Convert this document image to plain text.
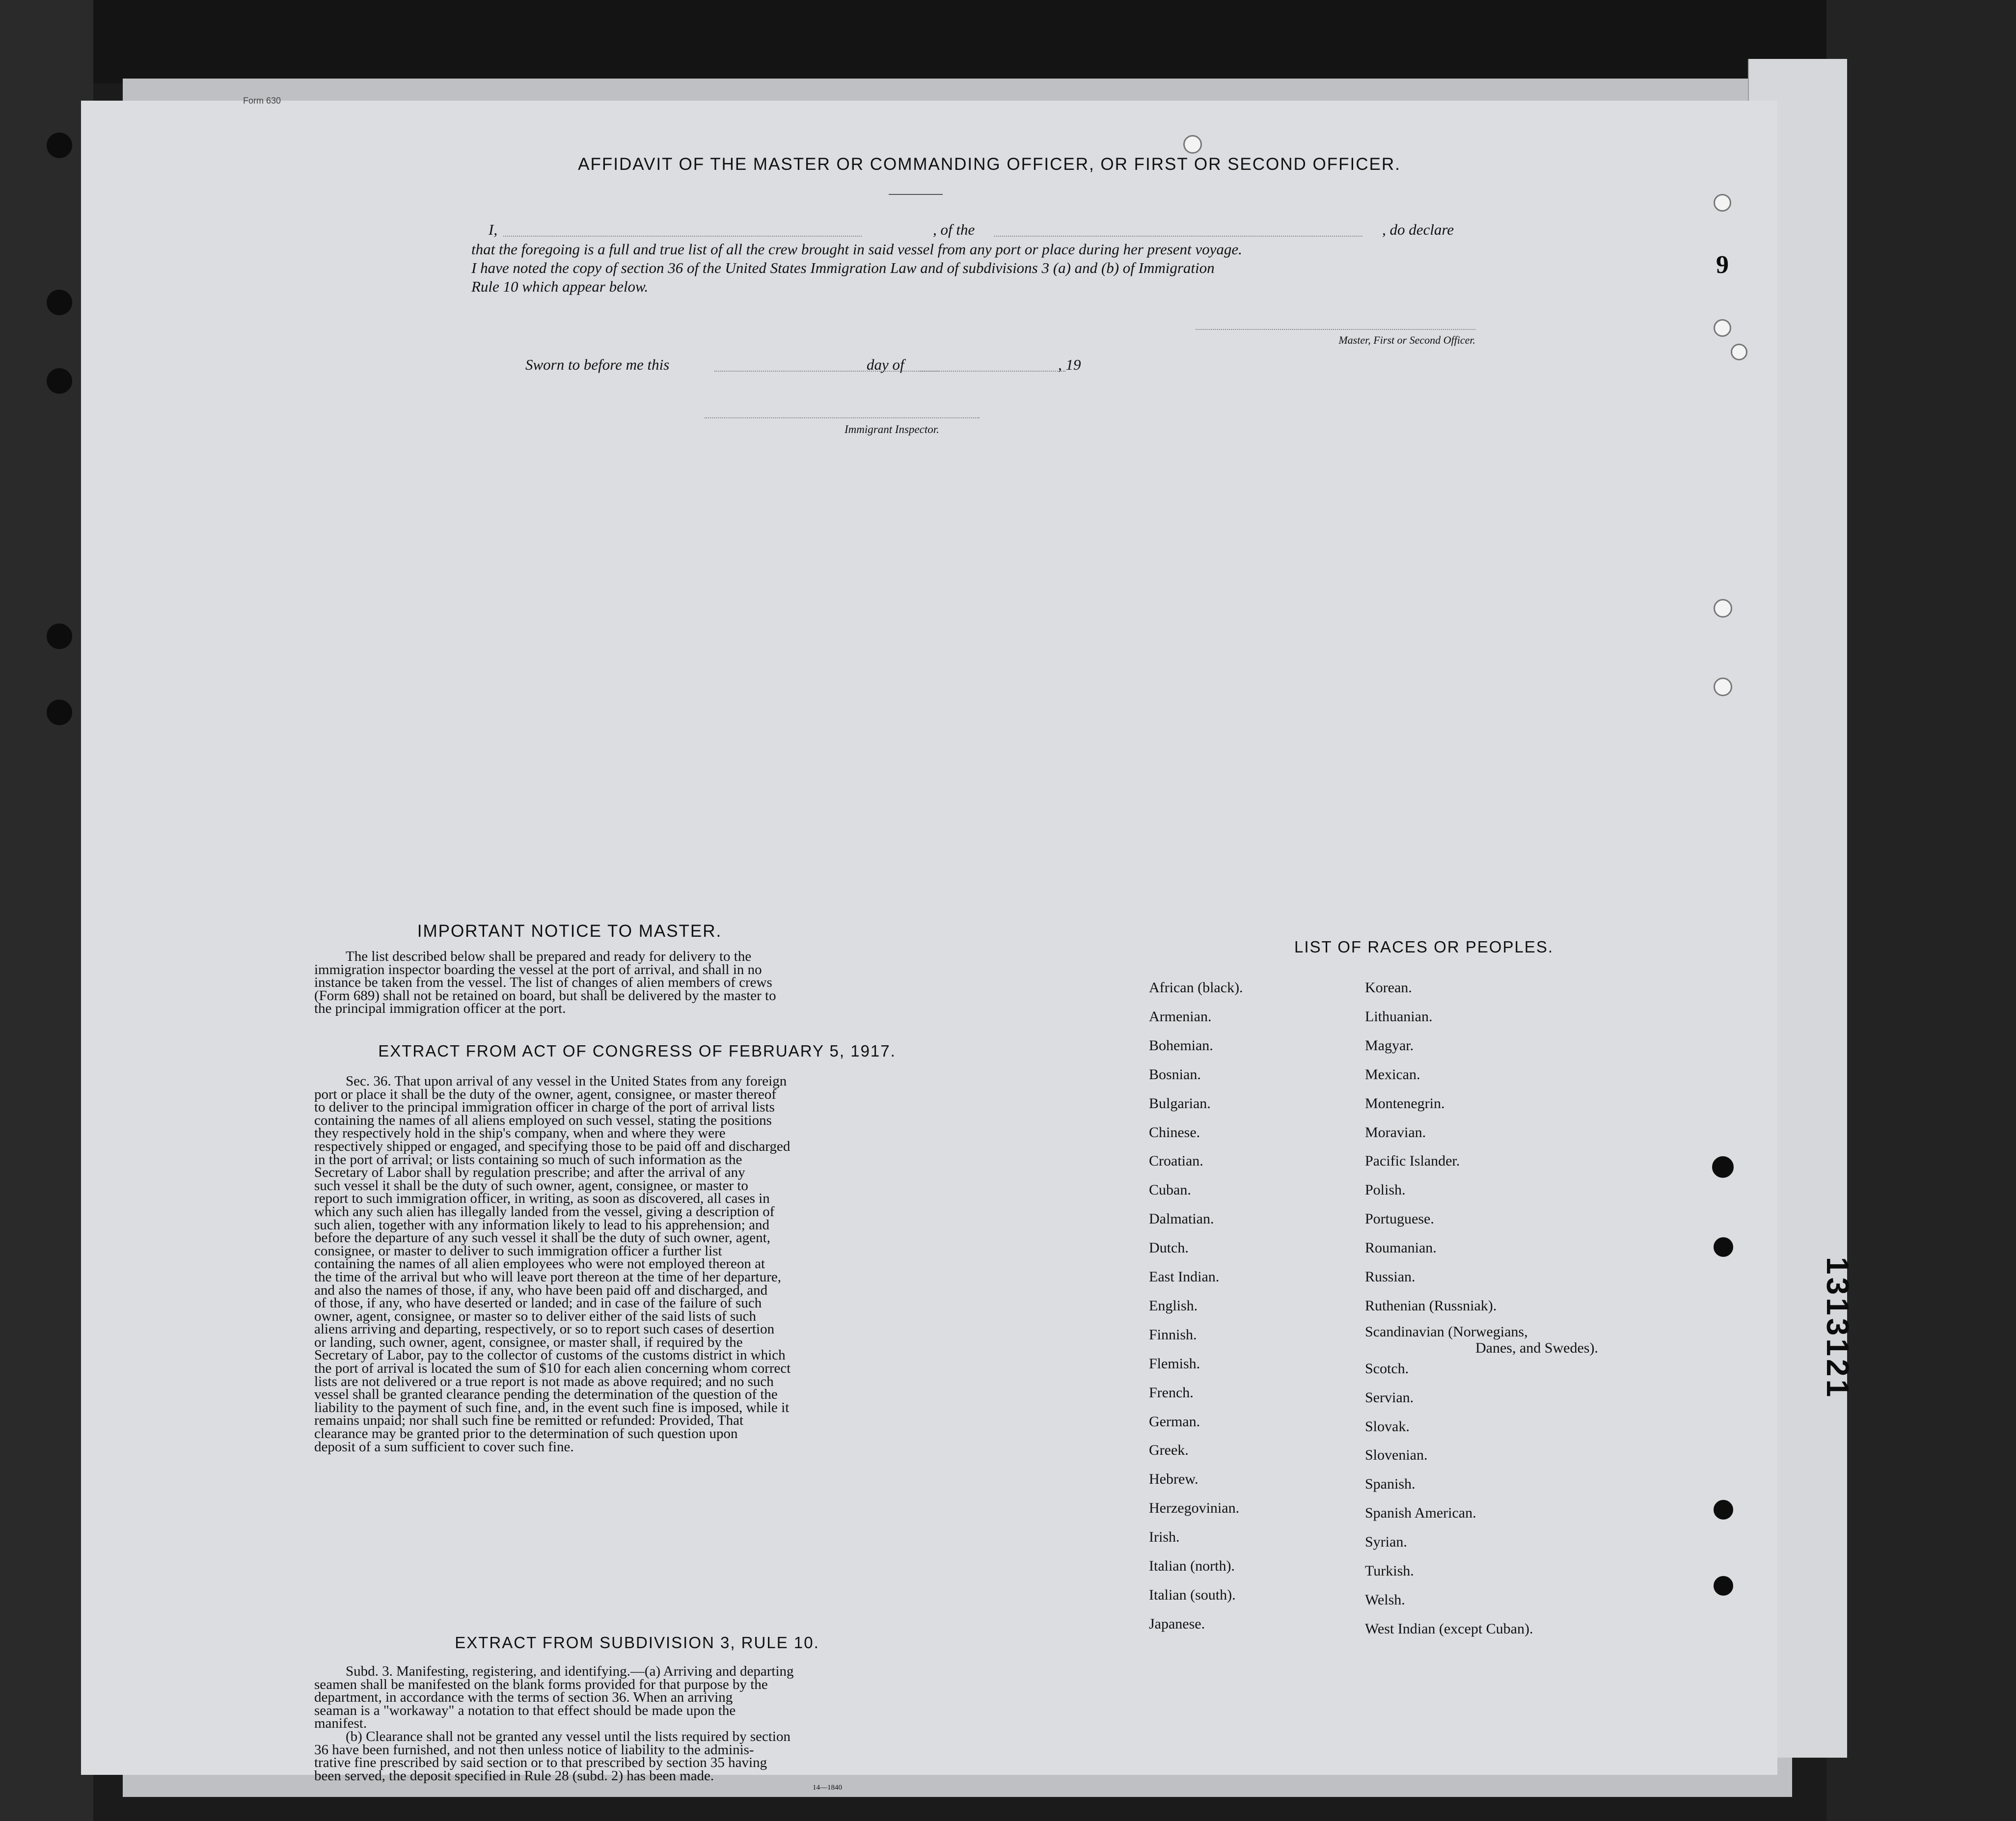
1313121
Form 630
AFFIDAVIT OF THE MASTER OR COMMANDING OFFICER, OR FIRST OR SECOND OFFICER.
I,	, of the	, do declare
that the foregoing is a full and true list of all the crew brought in said vessel from any port or place during her present voyage.
I have noted the copy of section 36 of the United States Immigration Law and of subdivisions 3 (a) and (b) of Immigration
Rule 10 which appear below.
Master, First or Second Officer.
Sworn to before me this	day of	, 19
Immigrant Inspector.
9
IMPORTANT NOTICE TO MASTER.
The list described below shall be prepared and ready for delivery to the
immigration inspector boarding the vessel at the port of arrival, and shall in no
instance be taken from the vessel. The list of changes of alien members of crews
(Form 689) shall not be retained on board, but shall be delivered by the master to
the principal immigration officer at the port.
EXTRACT FROM ACT OF CONGRESS OF FEBRUARY 5, 1917.
Sec. 36. That upon arrival of any vessel in the United States from any foreign
port or place it shall be the duty of the owner, agent, consignee, or master thereof
to deliver to the principal immigration officer in charge of the port of arrival lists
containing the names of all aliens employed on such vessel, stating the positions
they respectively hold in the ship's company, when and where they were
respectively shipped or engaged, and specifying those to be paid off and discharged
in the port of arrival; or lists containing so much of such information as the
Secretary of Labor shall by regulation prescribe; and after the arrival of any
such vessel it shall be the duty of such owner, agent, consignee, or master to
report to such immigration officer, in writing, as soon as discovered, all cases in
which any such alien has illegally landed from the vessel, giving a description of
such alien, together with any information likely to lead to his apprehension; and
before the departure of any such vessel it shall be the duty of such owner, agent,
consignee, or master to deliver to such immigration officer a further list
containing the names of all alien employees who were not employed thereon at
the time of the arrival but who will leave port thereon at the time of her departure,
and also the names of those, if any, who have been paid off and discharged, and
of those, if any, who have deserted or landed; and in case of the failure of such
owner, agent, consignee, or master so to deliver either of the said lists of such
aliens arriving and departing, respectively, or so to report such cases of desertion
or landing, such owner, agent, consignee, or master shall, if required by the
Secretary of Labor, pay to the collector of customs of the customs district in which
the port of arrival is located the sum of $10 for each alien concerning whom correct
lists are not delivered or a true report is not made as above required; and no such
vessel shall be granted clearance pending the determination of the question of the
liability to the payment of such fine, and, in the event such fine is imposed, while it
remains unpaid; nor shall such fine be remitted or refunded: Provided, That
clearance may be granted prior to the determination of such question upon
deposit of a sum sufficient to cover such fine.
EXTRACT FROM SUBDIVISION 3, RULE 10.
Subd. 3. Manifesting, registering, and identifying.—(a) Arriving and departing
seamen shall be manifested on the blank forms provided for that purpose by the
department, in accordance with the terms of section 36. When an arriving
seaman is a "workaway" a notation to that effect should be made upon the
manifest.
(b) Clearance shall not be granted any vessel until the lists required by section
36 have been furnished, and not then unless notice of liability to the adminis-
trative fine prescribed by said section or to that prescribed by section 35 having
been served, the deposit specified in Rule 28 (subd. 2) has been made.
14—1840
LIST OF RACES OR PEOPLES.
Danes, and Swedes).
African (black).
Armenian.
Bohemian.
Bosnian.
Bulgarian.
Chinese.
Croatian.
Cuban.
Dalmatian.
Dutch.
East Indian.
English.
Finnish.
Flemish.
French.
German.
Greek.
Hebrew.
Herzegovinian.
Irish.
Italian (north).
Italian (south).
Japanese.
Korean.
Lithuanian.
Magyar.
Mexican.
Montenegrin.
Moravian.
Pacific Islander.
Polish.
Portuguese.
Roumanian.
Russian.
Ruthenian (Russniak).
Scandinavian (Norwegians,
Scotch.
Servian.
Slovak.
Slovenian.
Spanish.
Spanish American.
Syrian.
Turkish.
Welsh.
West Indian (except Cuban).
